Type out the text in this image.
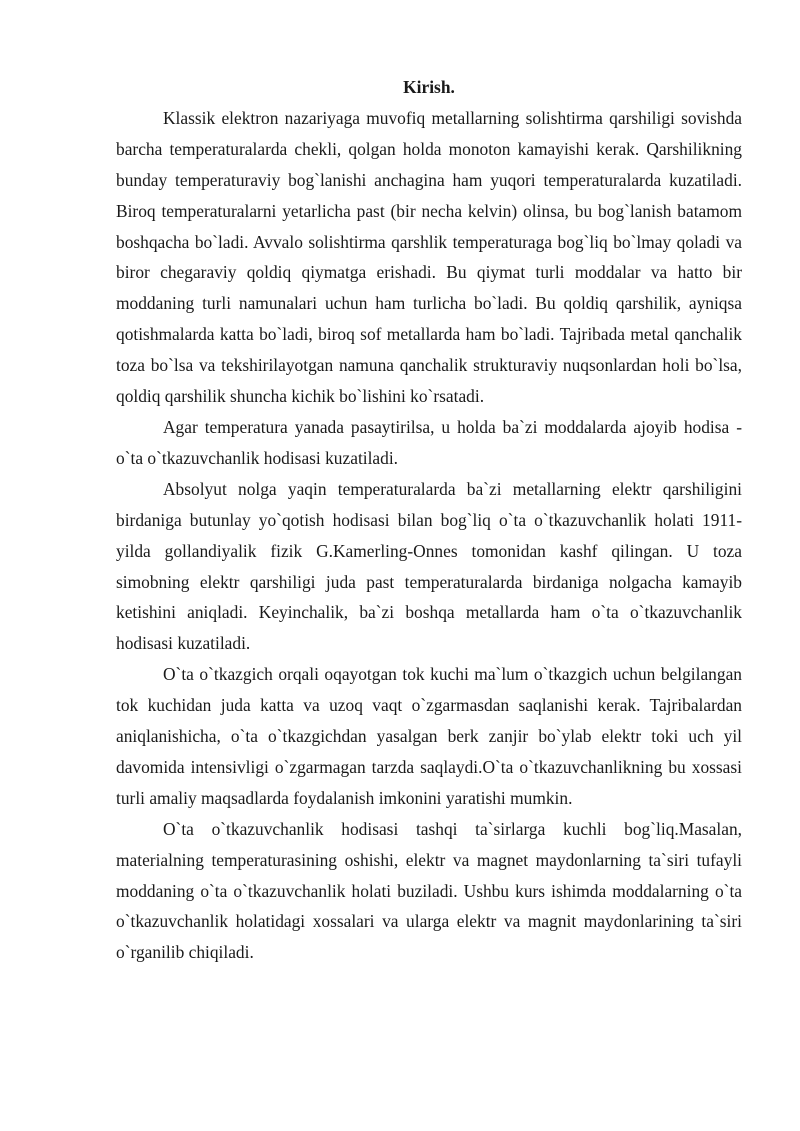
Kirish.

Klassik elektron nazariyaga muvofiq metallarning solishtirma qarshiligi sovishda barcha temperaturalarda chekli, qolgan holda monoton kamayishi kerak. Qarshilikning bunday temperaturaviy bog`lanishi anchagina ham yuqori temperaturalarda kuzatiladi. Biroq temperaturalarni yetarlicha past (bir necha kelvin) olinsa, bu bog`lanish batamom boshqacha bo`ladi. Avvalo solishtirma qarshlik temperaturaga bog`liq bo`lmay qoladi va biror chegaraviy qoldiq qiymatga erishadi. Bu qiymat turli moddalar va hatto bir moddaning turli namunalari uchun ham turlicha bo`ladi. Bu qoldiq qarshilik, ayniqsa qotishmalarda katta bo`ladi, biroq sof metallarda ham bo`ladi. Tajribada metal qanchalik toza bo`lsa va tekshirilayotgan namuna qanchalik strukturaviy nuqsonlardan holi bo`lsa, qoldiq qarshilik shuncha kichik bo`lishini ko`rsatadi.

Agar temperatura yanada pasaytirilsa, u holda ba`zi moddalarda ajoyib hodisa - o`ta o`tkazuvchanlik hodisasi kuzatiladi.

Absolyut nolga yaqin temperaturalarda ba`zi metallarning elektr qarshiligini birdaniga butunlay yo`qotish hodisasi bilan bog`liq o`ta o`tkazuvchanlik holati 1911-yilda gollandiyalik fizik G.Kamerling-Onnes tomonidan kashf qilingan. U toza simobning elektr qarshiligi juda past temperaturalarda birdaniga nolgacha kamayib ketishini aniqladi. Keyinchalik, ba`zi boshqa metallarda ham o`ta o`tkazuvchanlik hodisasi kuzatiladi.

O`ta o`tkazgich orqali oqayotgan tok kuchi ma`lum o`tkazgich uchun belgilangan tok kuchidan juda katta va uzoq vaqt o`zgarmasdan saqlanishi kerak. Tajribalardan aniqlanishicha, o`ta o`tkazgichdan yasalgan berk zanjir bo`ylab elektr toki uch yil davomida intensivligi o`zgarmagan tarzda saqlaydi.O`ta o`tkazuvchanlikning bu xossasi turli amaliy maqsadlarda foydalanish imkonini yaratishi mumkin.

O`ta o`tkazuvchanlik hodisasi tashqi ta`sirlarga kuchli bog`liq.Masalan, materialning temperaturasining oshishi, elektr va magnet maydonlarning ta`siri tufayli moddaning o`ta o`tkazuvchanlik holati buziladi. Ushbu kurs ishimda moddalarning o`ta o`tkazuvchanlik holatidagi xossalari va ularga elektr va magnit maydonlarining ta`siri o`rganilib chiqiladi.
